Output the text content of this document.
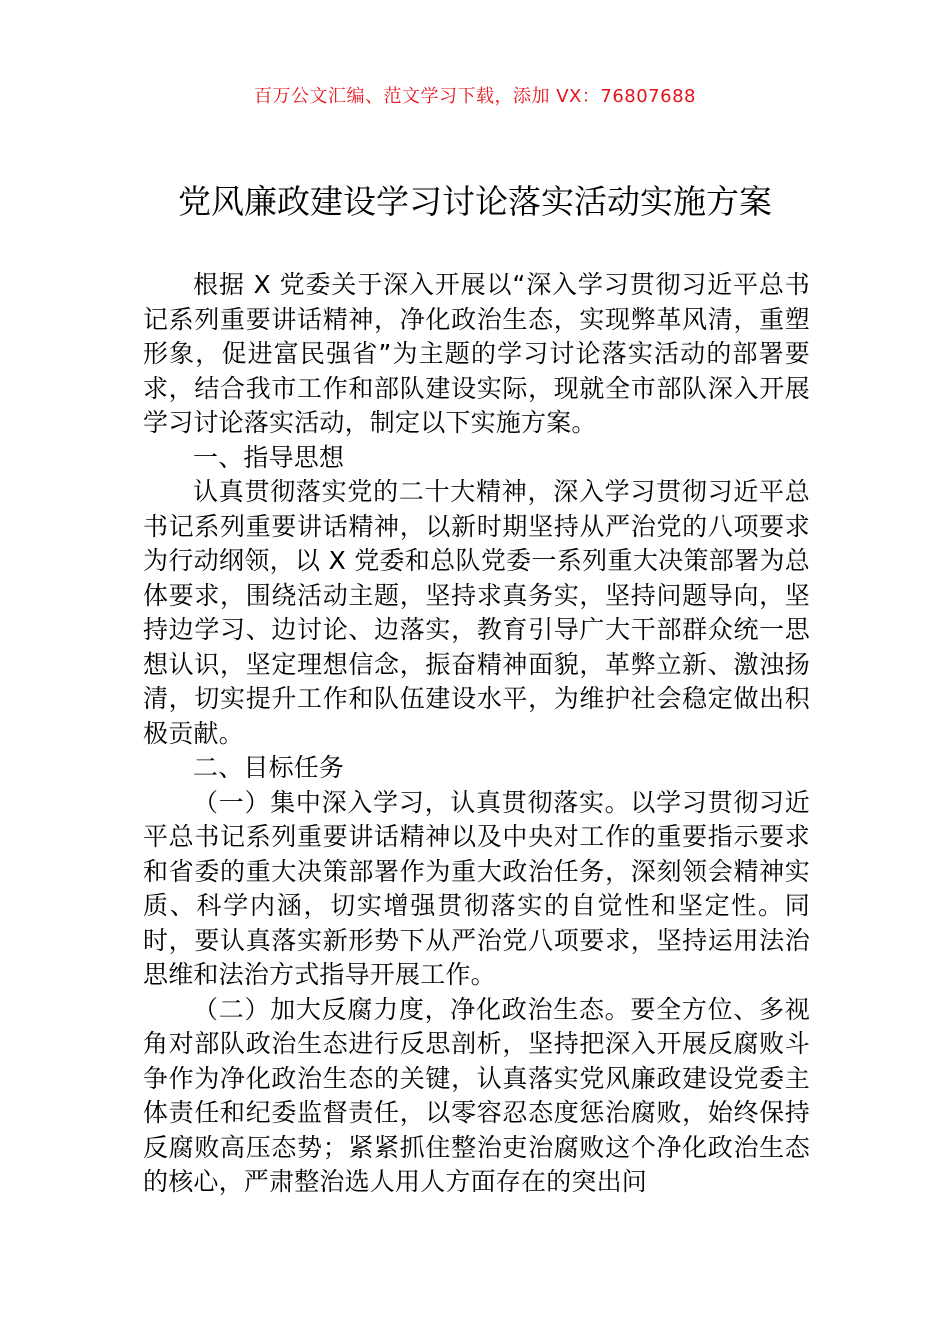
百万公文汇编、范文学习下载，添加 VX：76807688
党风廉政建设学习讨论落实活动实施方案

根据 X 党委关于深入开展以“深入学习贯彻习近平总书记系列重要讲话精神，净化政治生态，实现弊革风清，重塑形象，促进富民强省”为主题的学习讨论落实活动的部署要求，结合我市工作和部队建设实际，现就全市部队深入开展学习讨论落实活动，制定以下实施方案。

一、指导思想

认真贯彻落实党的二十大精神，深入学习贯彻习近平总书记系列重要讲话精神，以新时期坚持从严治党的八项要求为行动纲领，以 X 党委和总队党委一系列重大决策部署为总体要求，围绕活动主题，坚持求真务实，坚持问题导向，坚持边学习、边讨论、边落实，教育引导广大干部群众统一思想认识，坚定理想信念，振奋精神面貌，革弊立新、激浊扬清，切实提升工作和队伍建设水平，为维护社会稳定做出积极贡献。

二、目标任务

（一）集中深入学习，认真贯彻落实。以学习贯彻习近平总书记系列重要讲话精神以及中央对工作的重要指示要求和省委的重大决策部署作为重大政治任务，深刻领会精神实质、科学内涵，切实增强贯彻落实的自觉性和坚定性。同时，要认真落实新形势下从严治党八项要求，坚持运用法治思维和法治方式指导开展工作。

（二）加大反腐力度，净化政治生态。要全方位、多视角对部队政治生态进行反思剖析，坚持把深入开展反腐败斗争作为净化政治生态的关键，认真落实党风廉政建设党委主体责任和纪委监督责任，以零容忍态度惩治腐败，始终保持反腐败高压态势；紧紧抓住整治吏治腐败这个净化政治生态的核心，严肃整治选人用人方面存在的突出问
